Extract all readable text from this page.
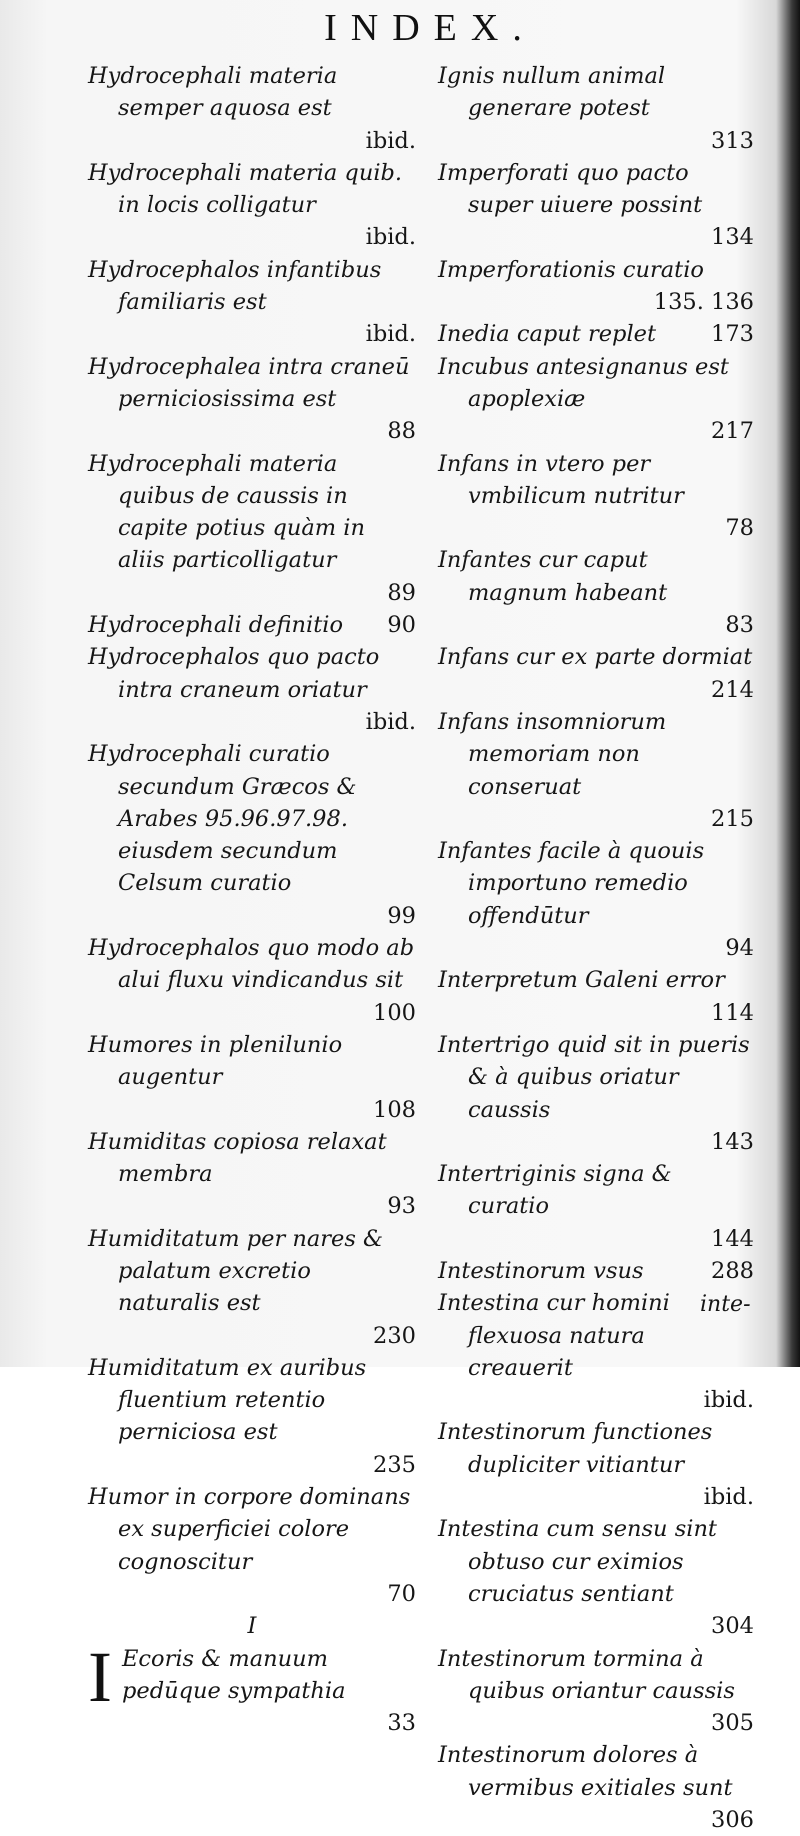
INDEX.
Hydrocephali materia semper aquosa est
ibid.
Hydrocephali materia quib. in locis colligatur
ibid.
Hydrocephalos infantibus familiaris est
ibid.
Hydrocephalea intra craneū perniciosissima est
88
Hydrocephali materia quibus de caussis in capite potius quàm in aliis particolligatur
89
Hydrocephali definitio	90
Hydrocephalos quo pacto intra craneum oriatur
ibid.
Hydrocephali curatio secundum Græcos & Arabes 95.96.97.98. eiusdem secundum Celsum curatio
99
Hydrocephalos quo modo ab alui fluxu vindicandus sit
100
Humores in plenilunio augentur
108
Humiditas copiosa relaxat membra
93
Humiditatum per nares & palatum excretio naturalis est
230
Humiditatum ex auribus fluentium retentio perniciosa est
235
Humor in corpore dominans ex superficiei colore cognoscitur
70
I
I Ecoris & manuum pedūque sympathia
33
Ignis nullum animal generare potest
313
Imperforati quo pacto super uiuere possint
134
Imperforationis curatio
135. 136
Inedia caput replet	173
Incubus antesignanus est apoplexiæ
217
Infans in vtero per vmbilicum nutritur
78
Infantes cur caput magnum habeant
83
Infans cur ex parte dormiat
214
Infans insomniorum memoriam non conseruat
215
Infantes facile à quouis importuno remedio offendūtur
94
Interpretum Galeni error
114
Intertrigo quid sit in pueris & à quibus oriatur caussis
143
Intertriginis signa & curatio
144
Intestinorum vsus	288
Intestina cur homini flexuosa natura creauerit
ibid.
Intestinorum functiones dupliciter vitiantur
ibid.
Intestina cum sensu sint obtuso cur eximios cruciatus sentiant
304
Intestinorum tormina à quibus oriantur caussis
305
Intestinorum dolores à vermibus exitiales sunt
306
inte-
